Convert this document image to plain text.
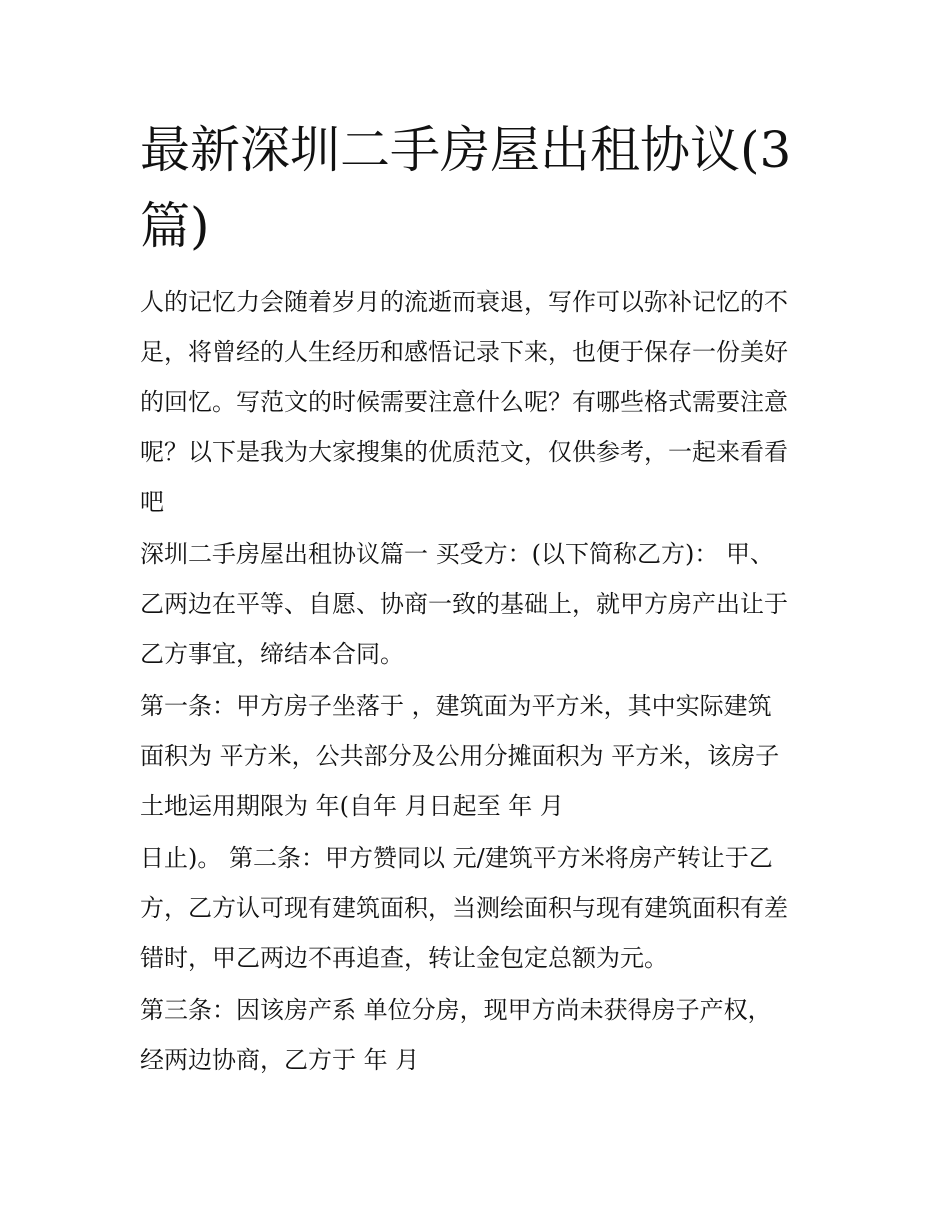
最新深圳二手房屋出租协议(3
篇)

人的记忆力会随着岁月的流逝而衰退，写作可以弥补记忆的不
足，将曾经的人生经历和感悟记录下来，也便于保存一份美好
的回忆。写范文的时候需要注意什么呢？有哪些格式需要注意
呢？以下是我为大家搜集的优质范文，仅供参考，一起来看看
吧

深圳二手房屋出租协议篇一 买受方：(以下简称乙方)： 甲、
乙两边在平等、自愿、协商一致的基础上，就甲方房产出让于
乙方事宜，缔结本合同。

第一条：甲方房子坐落于 ，建筑面为平方米，其中实际建筑
面积为 平方米，公共部分及公用分摊面积为 平方米，该房子
土地运用期限为 年(自年 月日起至 年 月

日止)。 第二条：甲方赞同以 元/建筑平方米将房产转让于乙
方，乙方认可现有建筑面积，当测绘面积与现有建筑面积有差
错时，甲乙两边不再追查，转让金包定总额为元。

第三条：因该房产系 单位分房，现甲方尚未获得房子产权，
经两边协商，乙方于 年 月
